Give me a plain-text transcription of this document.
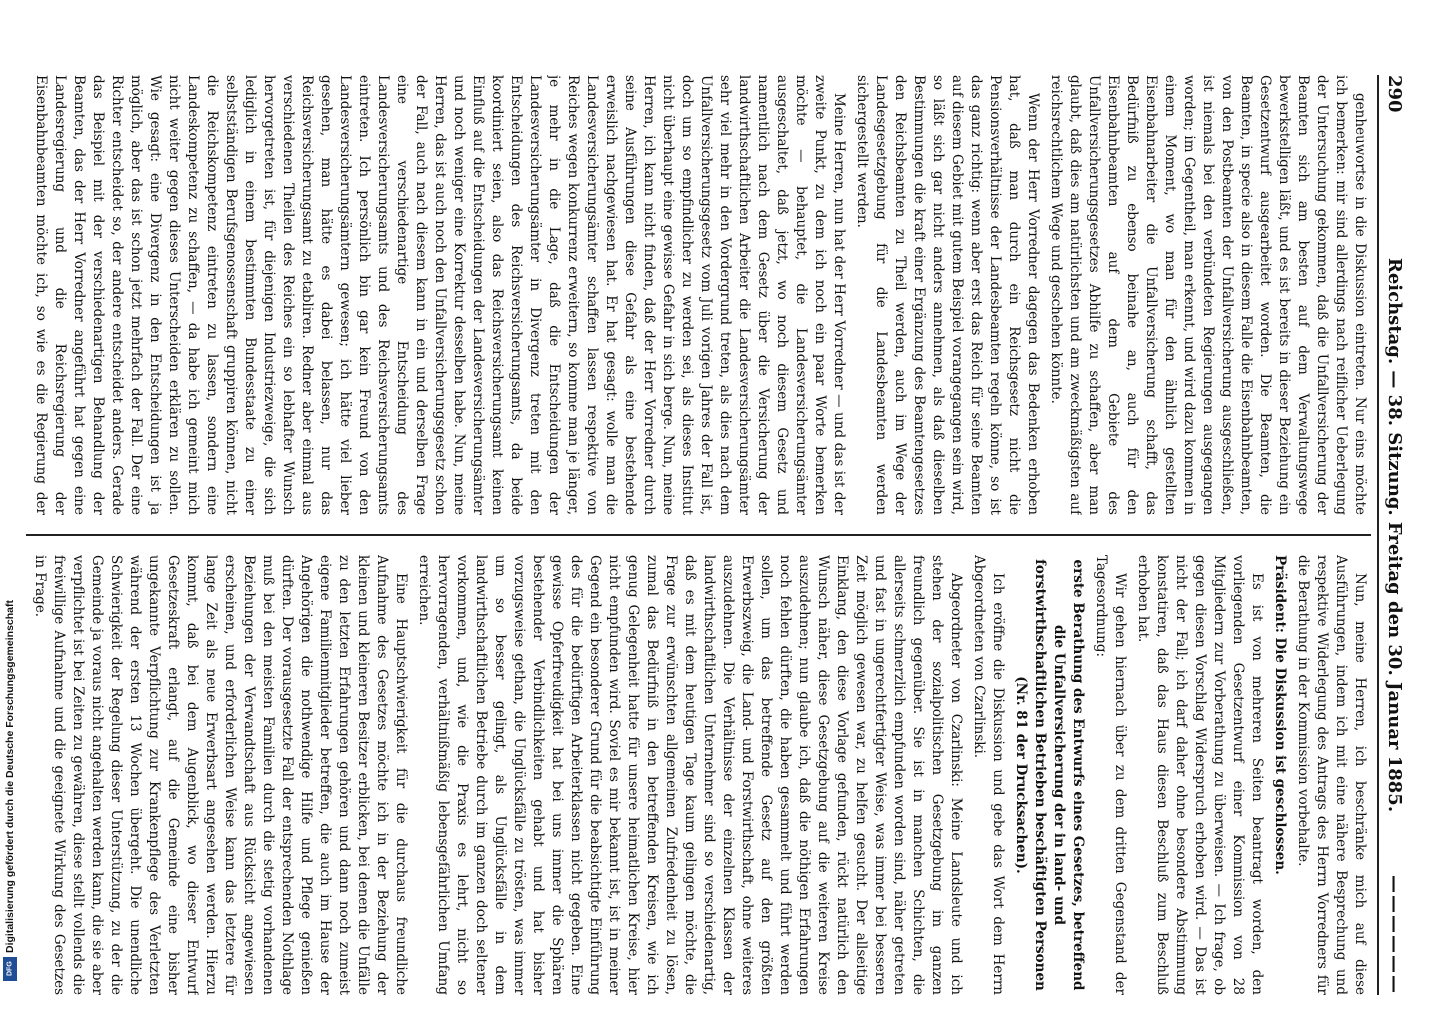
290
Reichstag. — 38. Sitzung. Freitag den 30. Januar 1885.
——————

genheuwortse in die Diskussion eintreten. Nur eins möchte ich bemerken: mir sind allerdings nach reiflicher Ueberlegung der Untersuchung gekommen, daß die Unfallversicherung der Beamten sich am besten auf dem Verwaltungswege bewerkstelligen läßt, und es ist bereits in dieser Beziehung ein Gesetzentwurf ausgearbeitet worden. Die Beamten, die Beamten, in specie also in diesem Falle die Eisenbahnbeamten, von den Postbeamten der Unfallversicherung ausgeschließen, ist niemals bei den verbündeten Regierungen ausgegangen worden; im Gegentheil, man erkennt, und wird dazu kommen in einem Moment, wo man für den ähnlich gestellten Eisenbahnarbeiter die Unfallversicherung schafft, das Bedürfniß zu ebenso beinahe an, auch für den Eisenbahnbeamten auf dem Gebiete des Unfallversicherungsgesetzes Abhilfe zu schaffen, aber man glaubt, daß dies am natürlichsten und am zweckmäßigsten auf reichsrechtlichem Wege und geschehen könnte.

Wenn der Herr Vorredner dagegen das Bedenken erhoben hat, daß man durch ein Reichsgesetz nicht die Pensionsverhältnisse der Landesbeamten regeln könne, so ist das ganz richtig: wenn aber erst das Reich für seine Beamten auf diesem Gebiet mit gutem Beispiel vorangegangen sein wird, so läßt sich gar nicht anders annehmen, als daß dieselben Bestimmungen die kraft einer Ergänzung des Beamtengesetzes den Reichsbeamten zu Theil werden, auch im Wege der Landesgesetzgebung für die Landesbeamten werden sichergestellt werden.

Meine Herren, nun hat der Herr Vorredner — und das ist der zweite Punkt, zu dem ich noch ein paar Worte bemerken möchte — behauptet, die Landesversicherungsämter ausgeschaltet, daß jetzt, wo noch diesem Gesetz und namentlich nach dem Gesetz über die Versicherung der landwirthschaftlichen Arbeiter die Landesversicherungsämter sehr viel mehr in den Vordergrund treten, als dies nach dem Unfallversicherungsgesetz vom Juli vorigen Jahres der Fall ist, doch um so empfindlicher zu werden sei, als dieses Institut nicht überhaupt eine gewisse Gefahr in sich berge. Nun, meine Herren, ich kann nicht finden, daß der Herr Vorredner durch seine Ausführungen diese Gefahr als eine bestehende erweislich nachgewiesen hat. Er hat gesagt: wolle man die Landesversicherungsämter schaffen lassen respektive von Reiches wegen konkurrenz erweitern, so komme man je länger, je mehr in die Lage, daß die Entscheidungen der Landesversicherungsämter in Divergenz treten mit den Entscheidungen des Reichsversicherungsamts, da beide koordiniert seien, also das Reichsversicherungsamt keinen Einfluß auf die Entscheidungen der Landesversicherungsämter und noch weniger eine Korrektur desselben habe. Nun, meine Herren, das ist auch noch den Unfallversicherungsgesetz schon der Fall, auch nach diesem kann in ein und derselben Frage eine verschiedenartige Entscheidung des Landesversicherungsamts und des Reichsversicherungsamts eintreten. Ich persönlich bin gar kein Freund von den Landesversicherungsämtern gewesen; ich hätte viel lieber gesehen, man hätte es dabei belassen, nur das Reichsversicherungsamt zu etabliren. Redner aber einmal aus verschiedenen Theilen des Reiches ein so lebhafter Wunsch hervorgetreten ist, für diejenigen Industriezweige, die sich lediglich in einem bestimmten Bundesstaate zu einer selbstständigen Berufsgenossenschaft gruppiren können, nicht die Reichskompetenz eintreten zu lassen, sondern eine Landeskompetenz zu schaffen, — da habe ich gemeint mich nicht weiter gegen dieses Unterscheiden erklären zu sollen. Wie gesagt: eine Divergenz in den Entscheidungen ist ja möglich, aber das ist schon jetzt mehrfach der Fall. Der eine Richter entscheidet so, der andere entscheidet anders. Gerade das Beispiel mit der verschiedenartigen Behandlung der Beamten, das der Herr Vorredner angeführt hat gegen eine Landesregierung und die Reichsregierung der Eisenbahnbeamten möchte ich, so wie es die Regierung der

Nun, meine Herren, ich beschränke mich auf diese Ausführungen, indem ich mit eine nähere Besprechung und respektive Widerlegung des Antrags des Herrn Vorredners für die Berathung in der Kommission vorbehalte.

Präsident: Die Diskussion ist geschlossen.

Es ist von mehreren Seiten beantragt worden, den vorliegenden Gesetzentwurf einer Kommission von 28 Mitgliedern zur Vorberathung zu überweisen. — Ich frage, ob gegen diesen Vorschlag Widerspruch erhoben wird. — Das ist nicht der Fall; ich darf daher ohne besondere Abstimmung konstatiren, daß das Haus diesen Beschluß zum Beschluß erhoben hat.

Wir gehen hiernach über zu dem dritten Gegenstand der Tagesordnung:

erste Berathung des Entwurfs eines Gesetzes, betreffend die Unfallversicherung der in land- und forstwirthschaftlichen Betrieben beschäftigten Personen (Nr. 81 der Drucksachen).

Ich eröffne die Diskussion und gebe das Wort dem Herrn Abgeordneten von Czarlinski.

Abgeordneter von Czarlinski: Meine Landsleute und ich stehen der sozialpolitischen Gesetzgebung im ganzen freundlich gegenüber. Sie ist in manchen Schichten, die allerseits schmerzlich empfunden worden sind, näher getreten und fast in ungerechtfertigter Weise, was immer bei besseren Zeit möglich gewesen war, zu helfen gesucht. Der allseitige Einklang, den diese Vorlage gefunden, rückt natürlich den Wunsch näher, diese Gesetzgebung auf die weiteren Kreise auszudehnen; nun glaube ich, daß die nöthigen Erfahrungen noch fehlen dürften, die haben gesammelt und führt werden sollen, um das betreffende Gesetz auf den größten Erwerbszweig, die Land- und Forstwirthschaft, ohne weiteres auszudehnen. Die Verhältnisse der einzelnen Klassen der landwirthschaftlichen Unternehmer sind so verschiedenartig, daß es mit dem heutigen Tage kaum gelingen möchte, die Frage zur erwünschten allgemeinen Zufriedenheit zu lösen, zumal das Bedürfniß in den betreffenden Kreisen, wie ich genug Gelegenheit hatte für unsere heimatlichen Kreise, hier nicht empfunden wird. Soviel es mir bekannt ist, ist in meiner Gegend ein besonderer Grund für die beabsichtigte Einführung des für die bedürftigen Arbeiterklassen nicht gegeben. Eine gewisse Opferfreudigkeit hat bei uns immer die Sphären bestehender Verbindlichkeiten gehabt und hat bisher vorzugsweise gethan, die Unglücksfälle zu trösten, was immer um so besser gelingt, als Unglücksfälle in dem landwirthschaftlichen Betriebe durch im ganzen doch seltener vorkommen, und, wie die Praxis es lehrt, nicht so hervorragenden, verhältnißmäßig lebensgefährlichen Umfang erreichen.

Eine Hauptschwierigkeit für die durchaus freundliche Aufnahme des Gesetzes möchte ich in der Beziehung der kleinen und kleineren Besitzer erblicken, bei denen die Unfälle zu den letzten Erfahrungen gehören und dann noch zumeist eigene Familienmitglieder betreffen, die auch im Hause der Angehörigen die nothwendige Hilfe und Pflege genießen dürften. Der vorausgesetzte Fall der entsprechenden Nothlage muß bei den meisten Familien durch die stetig vorhandenen Beziehungen der Verwandtschaft aus Rücksicht angewiesen erscheinen, und erforderlichen Weise kann das letztere für lange Zeit als neue Erwerbsart angesehen werden. Hierzu kommt, daß bei dem Augenblick, wo dieser Entwurf Gesetzeskraft erlangt, auf die Gemeinde eine bisher ungekannte Verpflichtung zur Krankenpflege des Verletzten während der ersten 13 Wochen übergeht. Die unendliche Schwierigkeit der Regelung dieser Unterstützung, zu der die Gemeinde ja voraus nicht angehalten werden kann, die sie aber verpflichtet ist bei Zeiten zu gewähren, diese stellt vollends die freiwillige Aufnahme und die geeignete Wirkung des Gesetzes in Frage.

Digitalisierung gefördert durch die Deutsche Forschungsgemeinschaft
DFG
